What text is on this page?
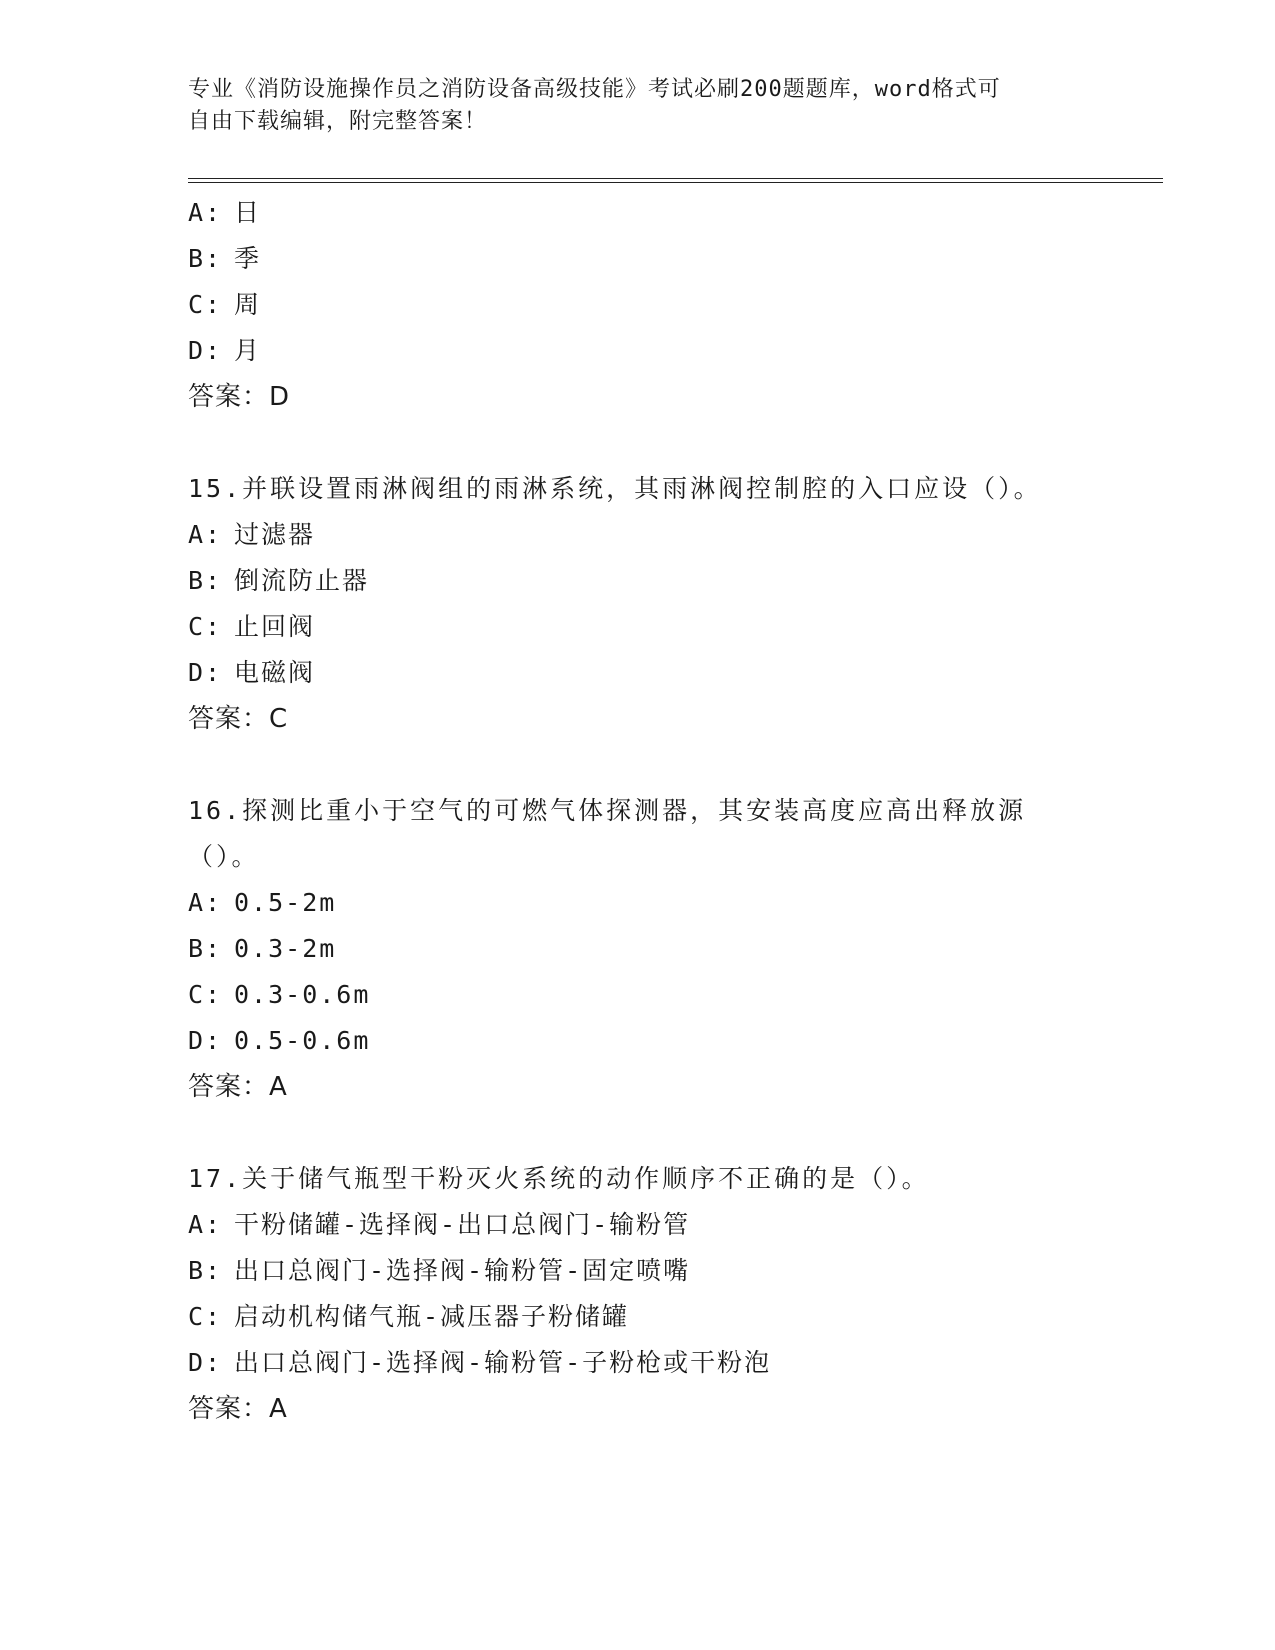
专业《消防设施操作员之消防设备高级技能》考试必刷200题题库，word格式可
自由下载编辑，附完整答案！
A: 日
B: 季
C: 周
D: 月
答案：D
15.并联设置雨淋阀组的雨淋系统，其雨淋阀控制腔的入口应设（）。
A: 过滤器
B: 倒流防止器
C: 止回阀
D: 电磁阀
答案：C
16.探测比重小于空气的可燃气体探测器，其安装高度应高出释放源（）。
A: 0.5-2m
B: 0.3-2m
C: 0.3-0.6m
D: 0.5-0.6m
答案：A
17.关于储气瓶型干粉灭火系统的动作顺序不正确的是（）。
A: 干粉储罐-选择阀-出口总阀门-输粉管
B: 出口总阀门-选择阀-输粉管-固定喷嘴
C: 启动机构储气瓶-减压器子粉储罐
D: 出口总阀门-选择阀-输粉管-子粉枪或干粉泡
答案：A
